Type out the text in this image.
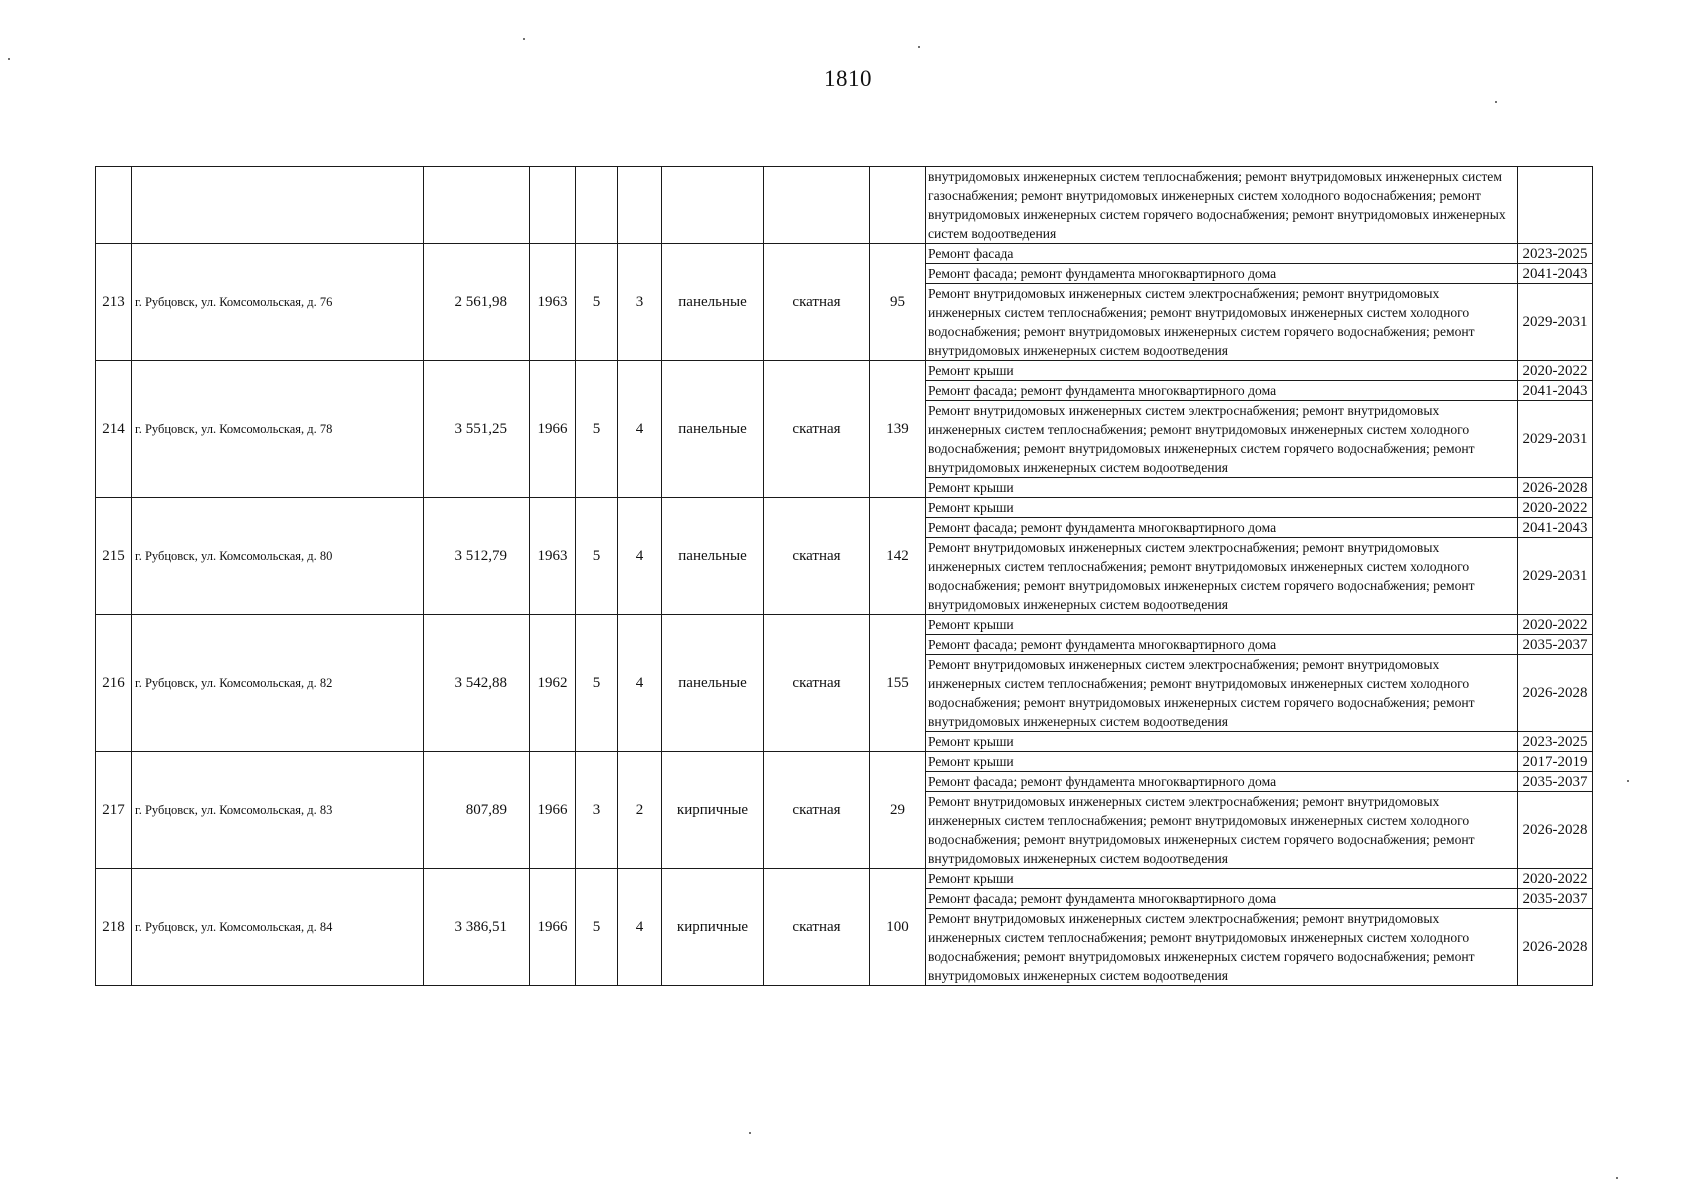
1810
									внутридомовых инженерных систем теплоснабжения; ремонт внутридомовых инженерных систем газоснабжения; ремонт внутридомовых инженерных систем холодного водоснабжения; ремонт внутридомовых инженерных систем горячего водоснабжения; ремонт внутридомовых инженерных систем водоотведения	
213	г. Рубцовск, ул. Комсомольская, д. 76	2 561,98	1963	5	3	панельные	скатная	95	Ремонт фасада	2023-2025
									Ремонт фасада; ремонт фундамента многоквартирного дома	2041-2043
									Ремонт внутридомовых инженерных систем электроснабжения; ремонт внутридомовых инженерных систем теплоснабжения; ремонт внутридомовых инженерных систем холодного водоснабжения; ремонт внутридомовых инженерных систем горячего водоснабжения; ремонт внутридомовых инженерных систем водоотведения	2029-2031
214	г. Рубцовск, ул. Комсомольская, д. 78	3 551,25	1966	5	4	панельные	скатная	139	Ремонт крыши	2020-2022
									Ремонт фасада; ремонт фундамента многоквартирного дома	2041-2043
									Ремонт внутридомовых инженерных систем электроснабжения; ремонт внутридомовых инженерных систем теплоснабжения; ремонт внутридомовых инженерных систем холодного водоснабжения; ремонт внутридомовых инженерных систем горячего водоснабжения; ремонт внутридомовых инженерных систем водоотведения	2029-2031
									Ремонт крыши	2026-2028
215	г. Рубцовск, ул. Комсомольская, д. 80	3 512,79	1963	5	4	панельные	скатная	142	Ремонт крыши	2020-2022
									Ремонт фасада; ремонт фундамента многоквартирного дома	2041-2043
									Ремонт внутридомовых инженерных систем электроснабжения; ремонт внутридомовых инженерных систем теплоснабжения; ремонт внутридомовых инженерных систем холодного водоснабжения; ремонт внутридомовых инженерных систем горячего водоснабжения; ремонт внутридомовых инженерных систем водоотведения	2029-2031
216	г. Рубцовск, ул. Комсомольская, д. 82	3 542,88	1962	5	4	панельные	скатная	155	Ремонт крыши	2020-2022
									Ремонт фасада; ремонт фундамента многоквартирного дома	2035-2037
									Ремонт внутридомовых инженерных систем электроснабжения; ремонт внутридомовых инженерных систем теплоснабжения; ремонт внутридомовых инженерных систем холодного водоснабжения; ремонт внутридомовых инженерных систем горячего водоснабжения; ремонт внутридомовых инженерных систем водоотведения	2026-2028
									Ремонт крыши	2023-2025
217	г. Рубцовск, ул. Комсомольская, д. 83	807,89	1966	3	2	кирпичные	скатная	29	Ремонт крыши	2017-2019
									Ремонт фасада; ремонт фундамента многоквартирного дома	2035-2037
									Ремонт внутридомовых инженерных систем электроснабжения; ремонт внутридомовых инженерных систем теплоснабжения; ремонт внутридомовых инженерных систем холодного водоснабжения; ремонт внутридомовых инженерных систем горячего водоснабжения; ремонт внутридомовых инженерных систем водоотведения	2026-2028
218	г. Рубцовск, ул. Комсомольская, д. 84	3 386,51	1966	5	4	кирпичные	скатная	100	Ремонт крыши	2020-2022
									Ремонт фасада; ремонт фундамента многоквартирного дома	2035-2037
									Ремонт внутридомовых инженерных систем электроснабжения; ремонт внутридомовых инженерных систем теплоснабжения; ремонт внутридомовых инженерных систем холодного водоснабжения; ремонт внутридомовых инженерных систем горячего водоснабжения; ремонт внутридомовых инженерных систем водоотведения	2026-2028
